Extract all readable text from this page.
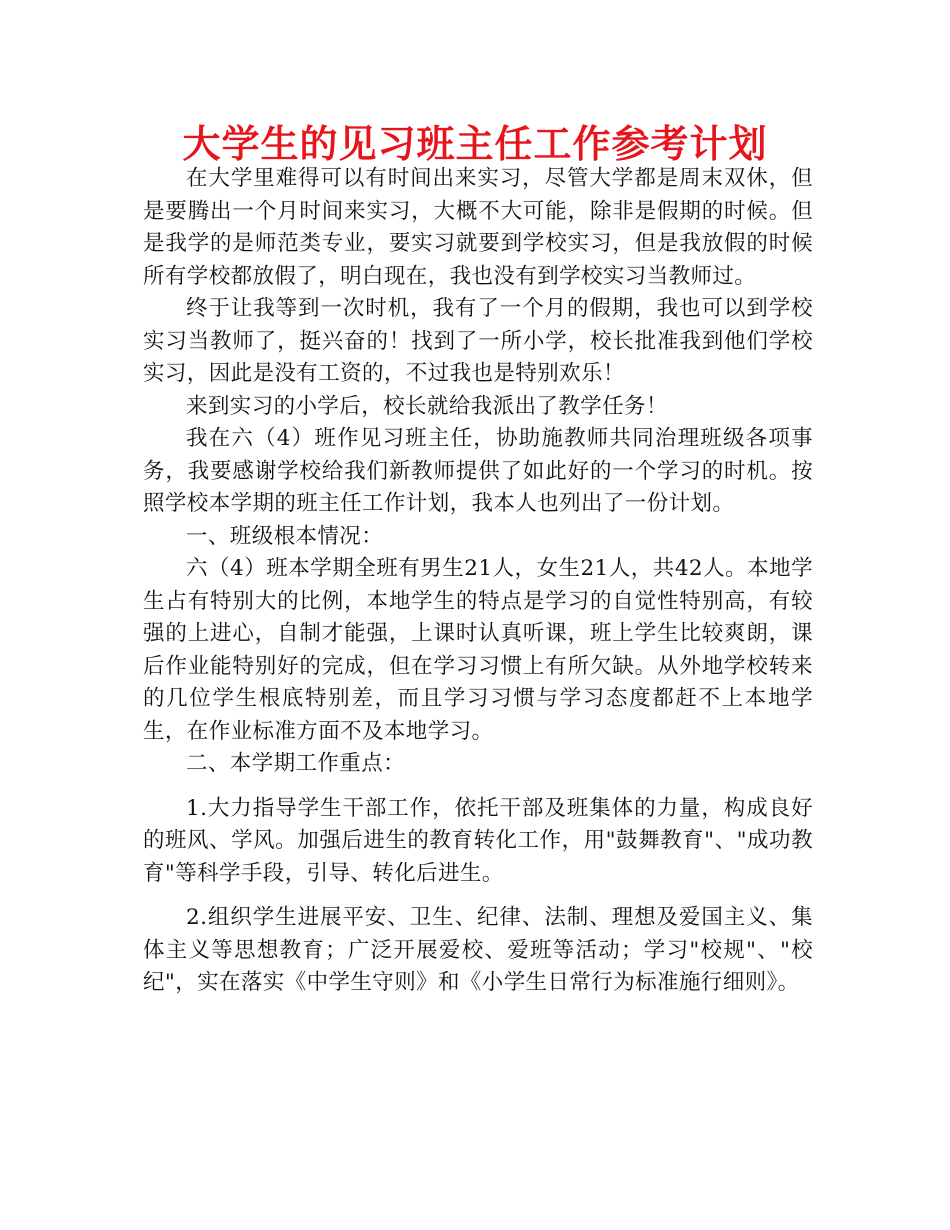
大学生的见习班主任工作参考计划

在大学里难得可以有时间出来实习，尽管大学都是周末双休，但是要腾出一个月时间来实习，大概不大可能，除非是假期的时候。但是我学的是师范类专业，要实习就要到学校实习，但是我放假的时候所有学校都放假了，明白现在，我也没有到学校实习当教师过。

终于让我等到一次时机，我有了一个月的假期，我也可以到学校实习当教师了，挺兴奋的！找到了一所小学，校长批准我到他们学校实习，因此是没有工资的，不过我也是特别欢乐！

来到实习的小学后，校长就给我派出了教学任务！

我在六（4）班作见习班主任，协助施教师共同治理班级各项事务，我要感谢学校给我们新教师提供了如此好的一个学习的时机。按照学校本学期的班主任工作计划，我本人也列出了一份计划。

一、班级根本情况：

六（4）班本学期全班有男生21人，女生21人，共42人。本地学生占有特别大的比例，本地学生的特点是学习的自觉性特别高，有较强的上进心，自制才能强，上课时认真听课，班上学生比较爽朗，课后作业能特别好的完成，但在学习习惯上有所欠缺。从外地学校转来的几位学生根底特别差，而且学习习惯与学习态度都赶不上本地学生，在作业标准方面不及本地学习。

二、本学期工作重点：

1.大力指导学生干部工作，依托干部及班集体的力量，构成良好的班风、学风。加强后进生的教育转化工作，用"鼓舞教育"、"成功教育"等科学手段，引导、转化后进生。

2.组织学生进展平安、卫生、纪律、法制、理想及爱国主义、集体主义等思想教育；广泛开展爱校、爱班等活动；学习"校规"、"校纪"，实在落实《中学生守则》和《小学生日常行为标准施行细则》。
